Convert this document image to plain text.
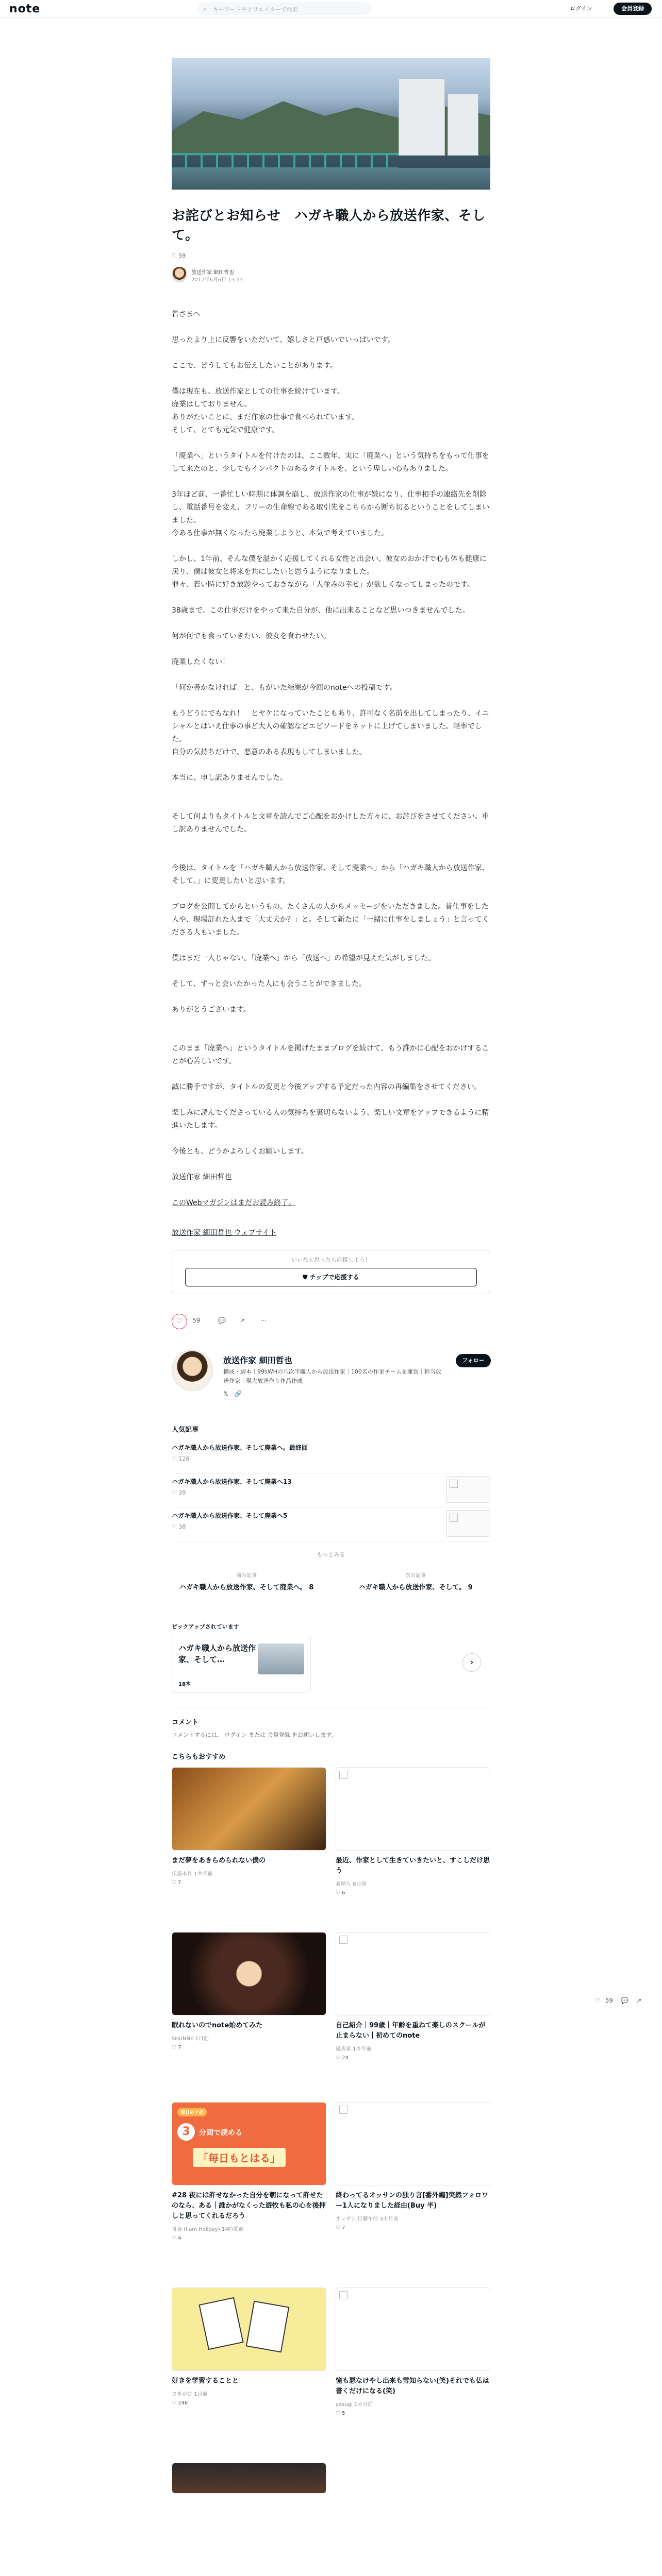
note	⌕ キーワードやクリエイターで検索	ログイン	会員登録
お詫びとお知らせ　ハガキ職人から放送作家、そして。
♡ 59
放送作家 細田哲也
2017年6月6日 13:53

皆さまへ

思ったより上に反響をいただいて、嬉しさと戸惑いでいっぱいです。

ここで、どうしてもお伝えしたいことがあります。

僕は現在も、放送作家としての仕事を続けています。
廃業はしておりません。
ありがたいことに、まだ作家の仕事で食べられています。
そして、とても元気で健康です。

「廃業へ」というタイトルを付けたのは、ここ数年、実に「廃業へ」という気持ちをもって仕事をして来たのと、少しでもインパクトのあるタイトルを、という卑しい心もありました。

3年ほど前、一番忙しい時期に体調を崩し、放送作家の仕事が嫌になり、仕事相手の連絡先を削除し、電話番号を変え、フリーの生命線である取引先をこちらから断ち切るということをしてしまいました。
今ある仕事が無くなったら廃業しようと、本気で考えていました。

しかし、1年前、そんな僕を温かく応援してくれる女性と出会い、彼女のおかげで心も体も健康に戻り、僕は彼女と将来を共にしたいと思うようになりました。
罪々、若い時に好き放題やっておきながら「人並みの幸せ」が欲しくなってしまったのです。

38歳まで、この仕事だけをやって来た自分が、他に出来ることなど思いつきませんでした。

何が何でも食っていきたい、彼女を食わせたい。

廃業したくない！

「何か書かなければ」と、もがいた結果が今回のnoteへの投稿です。

もうどうにでもなれ！　とヤケになっていたこともあり、許可なく名前を出してしまったり、イニシャルとはいえ仕事の事ど大人の確認などエピソードをネットに上げてしまいました。軽率でした。
自分の気持ちだけで、悪意のある表現もしてしまいました。

本当に、申し訳ありませんでした。

そして何よりもタイトルと文章を読んでご心配をおかけした方々に、お詫びをさせてください。申し訳ありませんでした。

今後は、タイトルを「ハガキ職人から放送作家、そして廃業へ」から「ハガキ職人から放送作家、そして。」に変更したいと思います。

ブログを公開してからというもの、たくさんの人からメッセージをいただきました。昔仕事をした人や、現場訂れた人まで「大丈夫か？」と。そして新たに「一緒に仕事をしましょう」と言ってくださる人もいました。

僕はまだ一人じゃない。「廃業へ」から「放送へ」の希望が見えた気がしました。

そして、ずっと会いたかった人にも会うことができました。

ありがとうございます。

このまま「廃業へ」というタイトルを掲げたままブログを続けて、もう誰かに心配をおかけすることが心苦しいです。

誠に勝手ですが、タイトルの変更と今後アップする予定だった内容の再編集をさせてください。

楽しみに読んでくださっている人の気持ちを裏切らないよう、楽しい文章をアップできるように精進いたします。

今後とも、どうかよろしくお願いします。

放送作家 細田哲也

このWebマガジンはまだお読み終了。

放送作家 細田哲也 ウェブサイト
いいなと思ったら応援しよう！
⛊ チップで応援する
♡	59	💬 ↗ ⋯
放送作家 細田哲也
構成・脚本｜99sWHの八次半職人から放送作家｜100名の作家チームを運営｜担当放送作家｜現大放送作り作品作成
フォロー
𝕏 🔗
人気記事
ハガキ職人から放送作家、そして廃業へ。最終回
♡ 126
ハガキ職人から放送作家、そして廃業へ13
♡ 39
ハガキ職人から放送作家、そして廃業へ5
♡ 38
もっとみる
前の記事
ハガキ職人から放送作家、そして廃業へ。 8
次の記事
ハガキ職人から放送作家、そして。 9
ピックアップされています
ハガキ職人から放送作家、そして…
18本
›
コメント
コメントするには、 ログイン または 会員登録 をお願いします。
こちらもおすすめ
まだ夢をあきらめられない僕の
伝説本作 1カ月前
♡ 7
最近、作家として生きていきたいと、すこしだけ思う
素晴ら 8日前
♡ 6
眠れないのでnote始めてみた
SHUNNE 1日前
♡ 7
自己紹介｜99歳｜年齢を重ねて楽しのスクールが止まらない｜初めてのnote
優馬家 1カ月前
♡ 24
毎日のチ記
3	分間で読める
「毎日もとはる」
#28 夜には許せなかった自分を朝になって許せたのなら、ある｜誰かがなくった遊牧も私の心を後押しと思ってくれるだろう
自身 (I am Holiday) 14時間前
♡ 4
終わってるオッサンの独り言[番外編]突然フォロワー1人になりました経由(Buy 半)
オッサン 日曜午前 3カ月前
♡ 7
好きを学習することと
さきがけ 1日前
♡ 246
憧も悪なけやし出来も雪知らない(笑)それでも仏は書くだけになる(笑)
yasugi 1カ月前
♡ 5
♡ 59 💬 ↗
